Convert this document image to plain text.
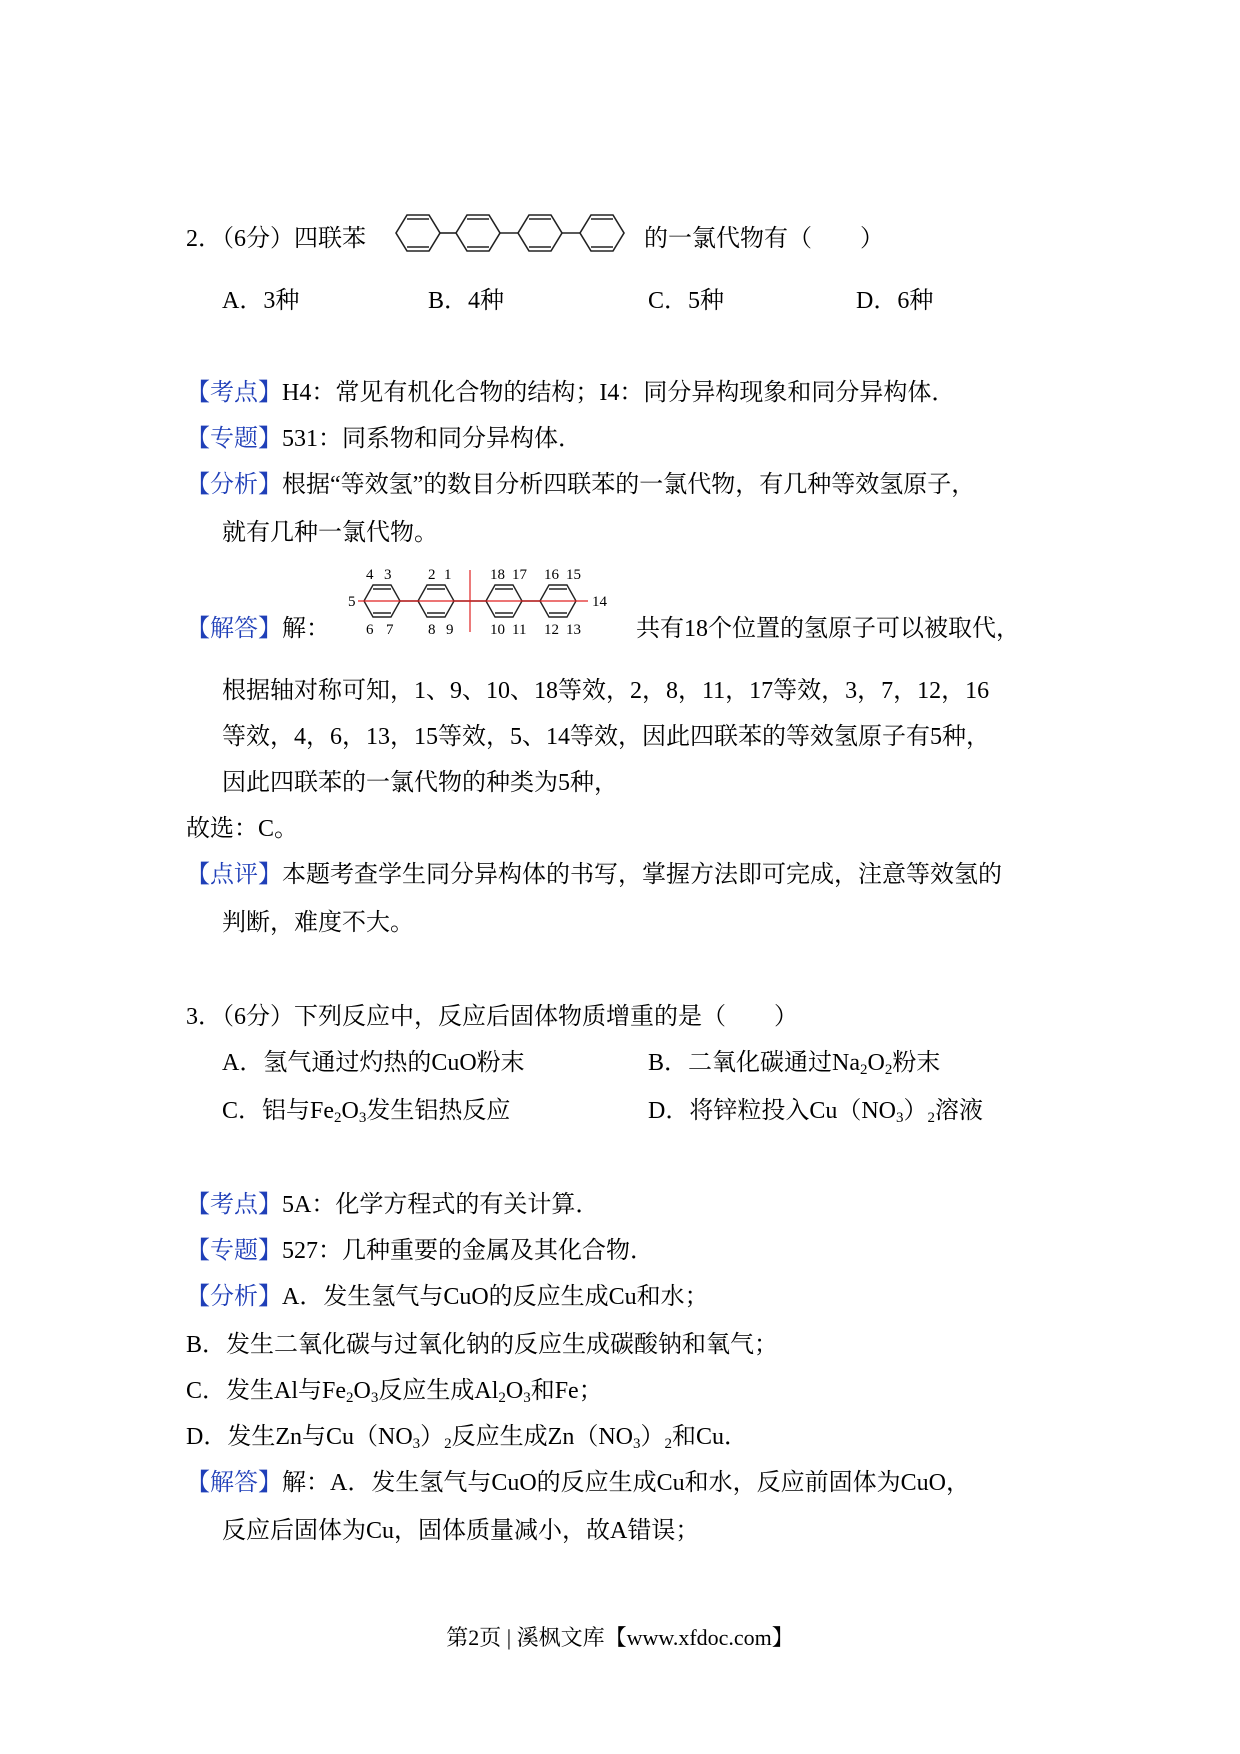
2．（6分）四联苯	的一氯代物有（　　）
A．3种	B．4种	C．5种	D．6种
【考点】H4：常见有机化合物的结构；I4：同分异构现象和同分异构体．
【专题】531：同系物和同分异构体．
【分析】根据“等效氢”的数目分析四联苯的一氯代物，有几种等效氢原子，
就有几种一氯代物。
4 3 2 1	18 17 16 15
6 7 8 9 10 11 12 13
5	14
【解答】解：	共有18个位置的氢原子可以被取代，
根据轴对称可知，1、9、10、18等效，2，8，11，17等效，3，7，12，16
等效，4，6，13，15等效，5、14等效，因此四联苯的等效氢原子有5种，
因此四联苯的一氯代物的种类为5种，
故选：C。
【点评】本题考查学生同分异构体的书写，掌握方法即可完成，注意等效氢的
判断，难度不大。
3．（6分）下列反应中，反应后固体物质增重的是（　　）
A．氢气通过灼热的CuO粉末	B．二氧化碳通过$Na_2O_2$粉末
C．铝与$Fe_2O_3$发生铝热反应	D．将锌粒投入$Cu(NO_3)_2$溶液
【考点】5A：化学方程式的有关计算．
【专题】527：几种重要的金属及其化合物．
【分析】A．发生氢气与CuO的反应生成Cu和水；
B．发生二氧化碳与过氧化钠的反应生成碳酸钠和氧气；
C．发生Al与$Fe_2O_3$反应生成$Al_2O_3$和Fe；
D．发生Zn与$Cu(NO_3)_2$反应生成$Zn(NO_3)_2$和Cu．
【解答】解：A．发生氢气与CuO的反应生成Cu和水，反应前固体为CuO，
反应后固体为Cu，固体质量减小，故A错误；
第2页 | 溪枫文库【www.xfdoc.com】
